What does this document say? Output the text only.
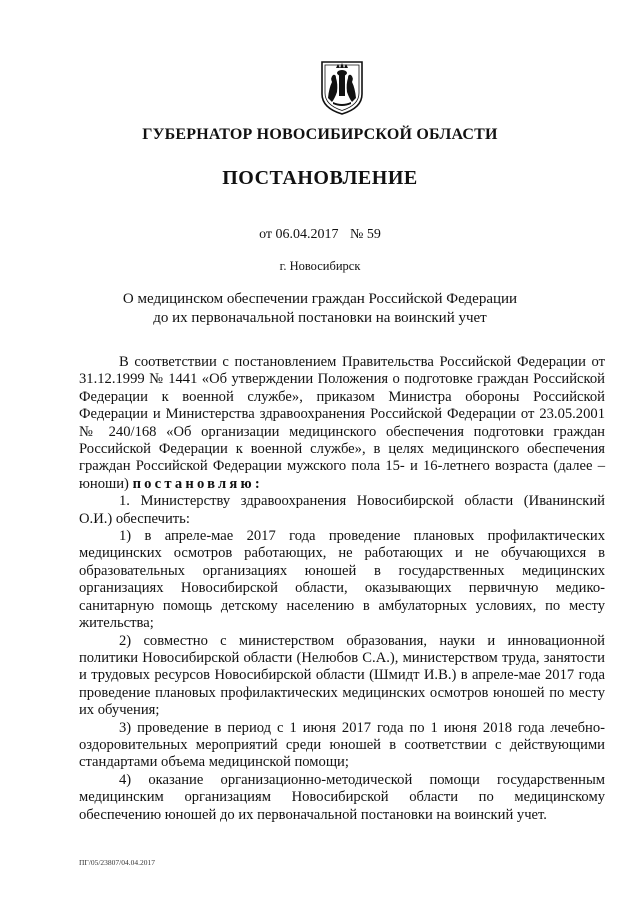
ГУБЕРНАТОР НОВОСИБИРСКОЙ ОБЛАСТИ
ПОСТАНОВЛЕНИЕ
от 06.04.2017 № 59
г. Новосибирск
О медицинском обеспечении граждан Российской Федерации
до их первоначальной постановки на воинский учет

В соответствии с постановлением Правительства Российской Федерации от 31.12.1999 № 1441 «Об утверждении Положения о подготовке граждан Российской Федерации к военной службе», приказом Министра обороны Российской Федерации и Министерства здравоохранения Российской Федерации от 23.05.2001 № 240/168 «Об организации медицинского обеспечения подготовки граждан Российской Федерации к военной службе», в целях медицинского обеспечения граждан Российской Федерации мужского пола 15- и 16-летнего возраста (далее – юноши) постановляю:

1. Министерству здравоохранения Новосибирской области (Иванинский О.И.) обеспечить:

1) в апреле-мае 2017 года проведение плановых профилактических медицинских осмотров работающих, не работающих и не обучающихся в образовательных организациях юношей в государственных медицинских организациях Новосибирской области, оказывающих первичную медико-санитарную помощь детскому населению в амбулаторных условиях, по месту жительства;

2) совместно с министерством образования, науки и инновационной политики Новосибирской области (Нелюбов С.А.), министерством труда, занятости и трудовых ресурсов Новосибирской области (Шмидт И.В.) в апреле-мае 2017 года проведение плановых профилактических медицинских осмотров юношей по месту их обучения;

3) проведение в период с 1 июня 2017 года по 1 июня 2018 года лечебно-оздоровительных мероприятий среди юношей в соответствии с действующими стандартами объема медицинской помощи;

4) оказание организационно-методической помощи государственным медицинским организациям Новосибирской области по медицинскому обеспечению юношей до их первоначальной постановки на воинский учет.

ПГ/05/23807/04.04.2017
